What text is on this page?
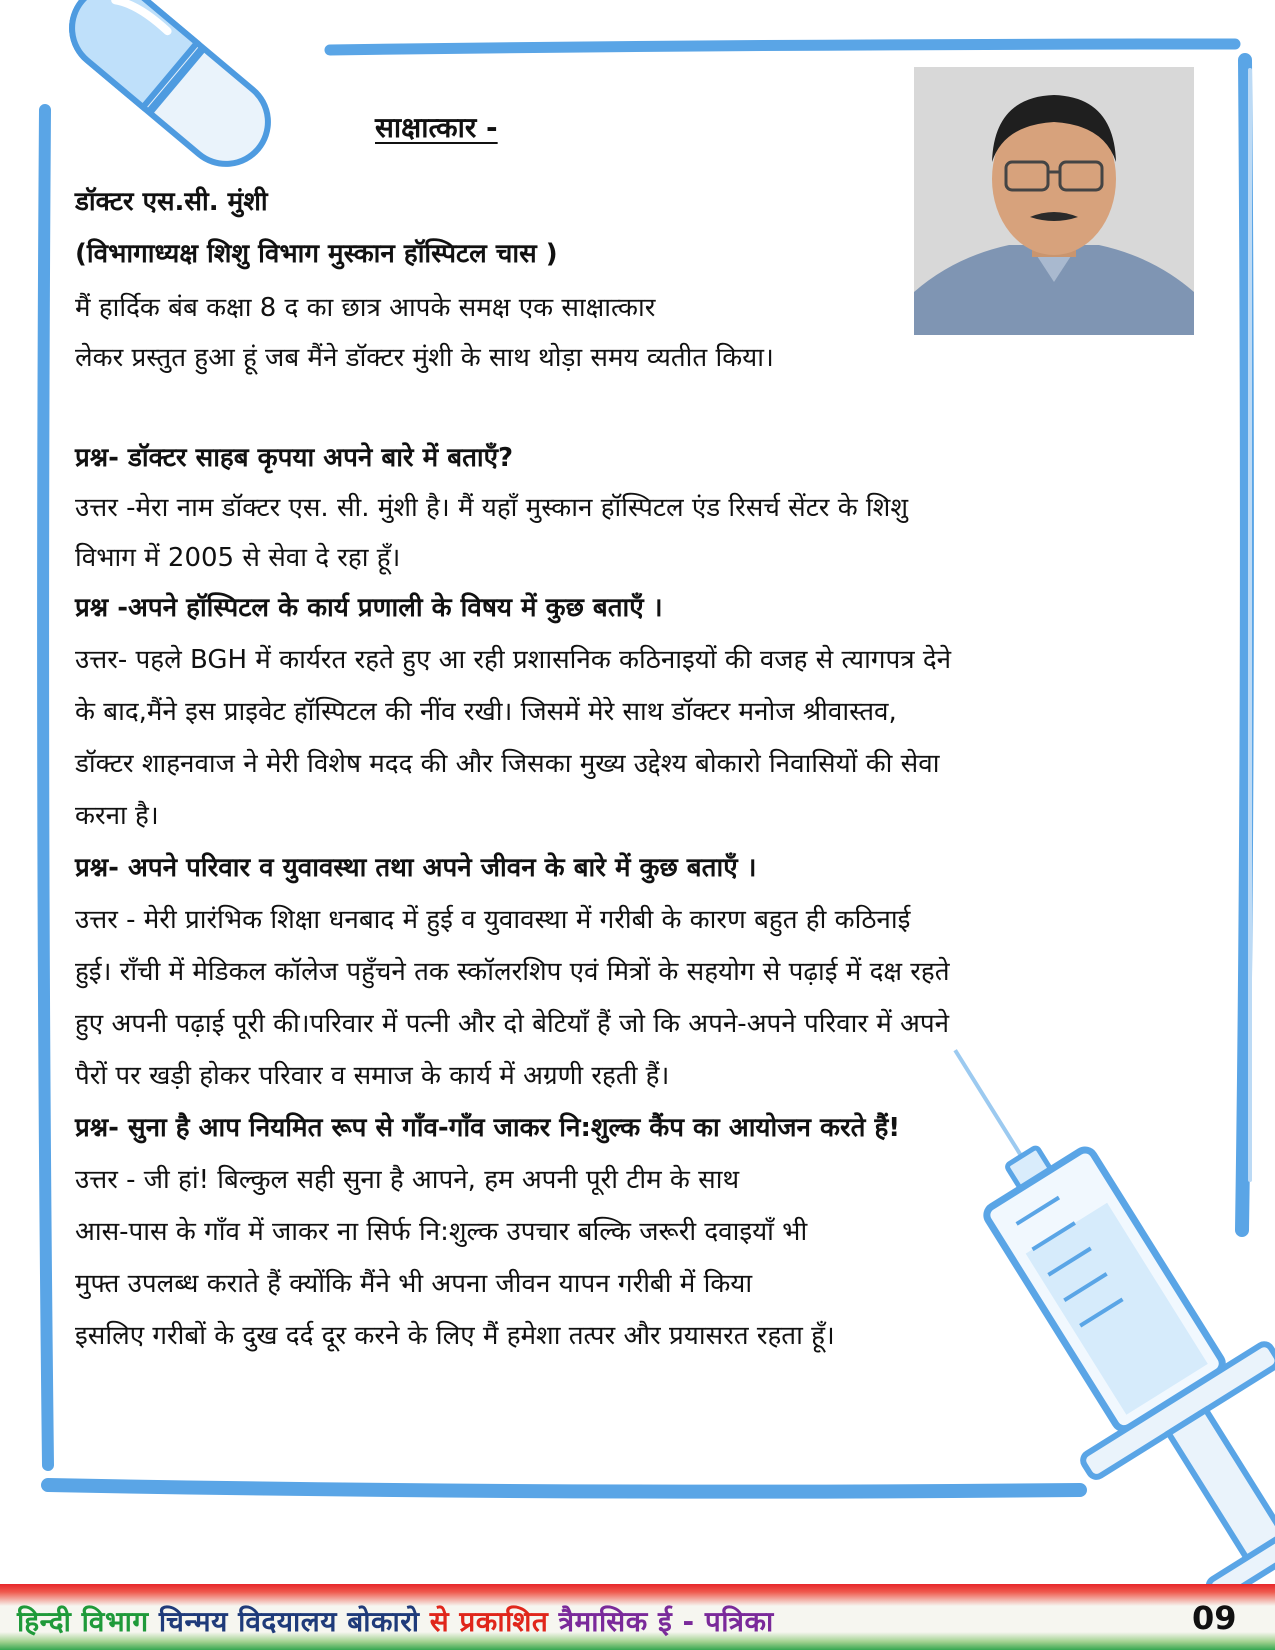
साक्षात्कार -
डॉक्टर एस.सी. मुंशी
(विभागाध्यक्ष शिशु विभाग मुस्कान हॉस्पिटल चास )
मैं हार्दिक बंब कक्षा 8 द का छात्र आपके समक्ष एक साक्षात्कार
लेकर प्रस्तुत हुआ हूं जब मैंने डॉक्टर मुंशी के साथ थोड़ा समय व्यतीत किया।
प्रश्न- डॉक्टर साहब कृपया अपने बारे में बताएँ?
उत्तर -मेरा नाम डॉक्टर एस. सी. मुंशी है। मैं यहाँ मुस्कान हॉस्पिटल एंड रिसर्च सेंटर के शिशु
विभाग में 2005 से सेवा दे रहा हूँ।
प्रश्न -अपने हॉस्पिटल के कार्य प्रणाली के विषय में कुछ बताएँ ।
उत्तर- पहले BGH में कार्यरत रहते हुए आ रही प्रशासनिक कठिनाइयों की वजह से त्यागपत्र देने
के बाद,मैंने इस प्राइवेट हॉस्पिटल की नींव रखी। जिसमें मेरे साथ डॉक्टर मनोज श्रीवास्तव,
डॉक्टर शाहनवाज ने मेरी विशेष मदद की और जिसका मुख्य उद्देश्य बोकारो निवासियों की सेवा
करना है।
प्रश्न- अपने परिवार व युवावस्था तथा अपने जीवन के बारे में कुछ बताएँ ।
उत्तर - मेरी प्रारंभिक शिक्षा धनबाद में हुई व युवावस्था में गरीबी के कारण बहुत ही कठिनाई
हुई। राँची में मेडिकल कॉलेज पहुँचने तक स्कॉलरशिप एवं मित्रों के सहयोग से पढ़ाई में दक्ष रहते
हुए अपनी पढ़ाई पूरी की।परिवार में पत्नी और दो बेटियाँ हैं जो कि अपने-अपने परिवार में अपने
पैरों पर खड़ी होकर परिवार व समाज के कार्य में अग्रणी रहती हैं।
प्रश्न- सुना है आप नियमित रूप से गाँव-गाँव जाकर नि:शुल्क कैंप का आयोजन करते हैं!
उत्तर - जी हां! बिल्कुल सही सुना है आपने, हम अपनी पूरी टीम के साथ
आस-पास के गाँव में जाकर ना सिर्फ नि:शुल्क उपचार बल्कि जरूरी दवाइयाँ भी
मुफ्त उपलब्ध कराते हैं क्योंकि मैंने भी अपना जीवन यापन गरीबी में किया
इसलिए गरीबों के दुख दर्द दूर करने के लिए मैं हमेशा तत्पर और प्रयासरत रहता हूँ।
हिन्दी विभाग चिन्मय विदयालय बोकारो से प्रकाशित त्रैमासिक ई - पत्रिका	09
